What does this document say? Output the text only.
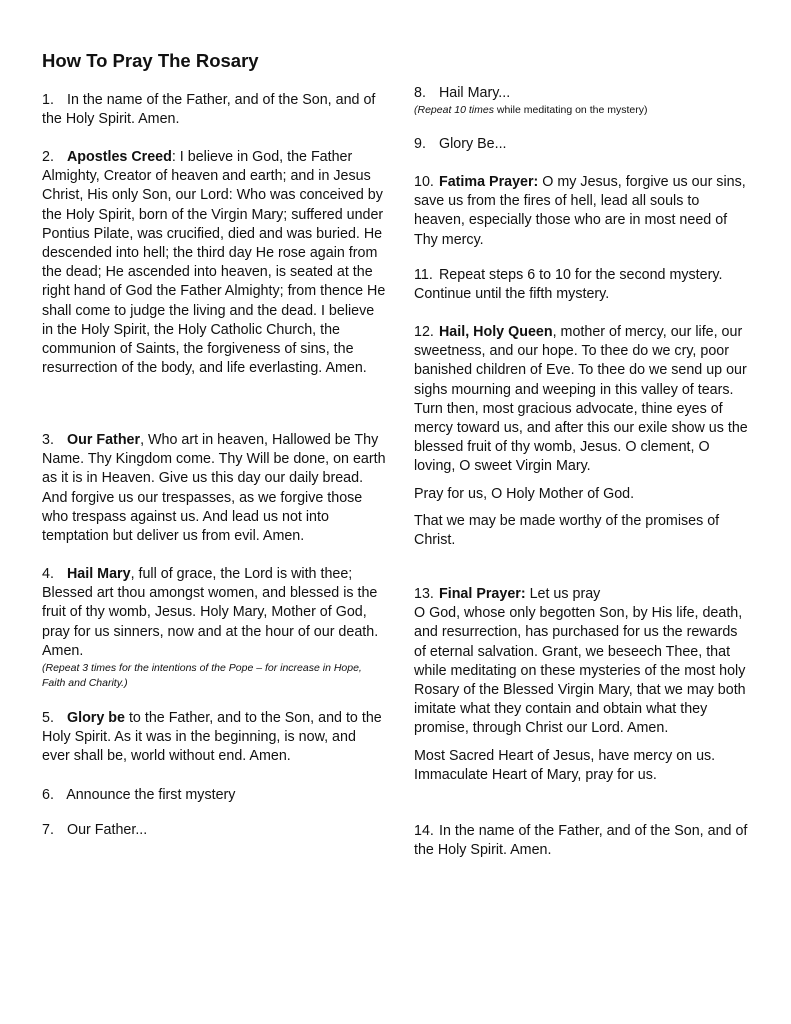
How To Pray The Rosary

1. In the name of the Father, and of the Son, and of the Holy Spirit. Amen.

2. Apostles Creed: I believe in God, the Father Almighty, Creator of heaven and earth; and in Jesus Christ, His only Son, our Lord: Who was conceived by the Holy Spirit, born of the Virgin Mary; suffered under Pontius Pilate, was crucified, died and was buried. He descended into hell; the third day He rose again from the dead; He ascended into heaven, is seated at the right hand of God the Father Almighty; from thence He shall come to judge the living and the dead. I believe in the Holy Spirit, the Holy Catholic Church, the communion of Saints, the forgiveness of sins, the resurrection of the body, and life everlasting. Amen.

3. Our Father, Who art in heaven, Hallowed be Thy Name. Thy Kingdom come. Thy Will be done, on earth as it is in Heaven. Give us this day our daily bread. And forgive us our trespasses, as we forgive those who trespass against us. And lead us not into temptation but deliver us from evil. Amen.

4. Hail Mary, full of grace, the Lord is with thee; Blessed art thou amongst women, and blessed is the fruit of thy womb, Jesus. Holy Mary, Mother of God, pray for us sinners, now and at the hour of our death. Amen.

(Repeat 3 times for the intentions of the Pope – for increase in Hope, Faith and Charity.)

5. Glory be to the Father, and to the Son, and to the Holy Spirit. As it was in the beginning, is now, and ever shall be, world without end. Amen.

6. Announce the first mystery

7. Our Father...

8. Hail Mary...

(Repeat 10 times while meditating on the mystery)

9. Glory Be...

10. Fatima Prayer: O my Jesus, forgive us our sins, save us from the fires of hell, lead all souls to heaven, especially those who are in most need of Thy mercy.

11. Repeat steps 6 to 10 for the second mystery. Continue until the fifth mystery.

12. Hail, Holy Queen, mother of mercy, our life, our sweetness, and our hope. To thee do we cry, poor banished children of Eve. To thee do we send up our sighs mourning and weeping in this valley of tears. Turn then, most gracious advocate, thine eyes of mercy toward us, and after this our exile show us the blessed fruit of thy womb, Jesus. O clement, O loving, O sweet Virgin Mary.

Pray for us, O Holy Mother of God.

That we may be made worthy of the promises of Christ.

13. Final Prayer: Let us pray

O God, whose only begotten Son, by His life, death, and resurrection, has purchased for us the rewards of eternal salvation. Grant, we beseech Thee, that while meditating on these mysteries of the most holy Rosary of the Blessed Virgin Mary, that we may both imitate what they contain and obtain what they promise, through Christ our Lord. Amen.

Most Sacred Heart of Jesus, have mercy on us.

Immaculate Heart of Mary, pray for us.

14. In the name of the Father, and of the Son, and of the Holy Spirit. Amen.
